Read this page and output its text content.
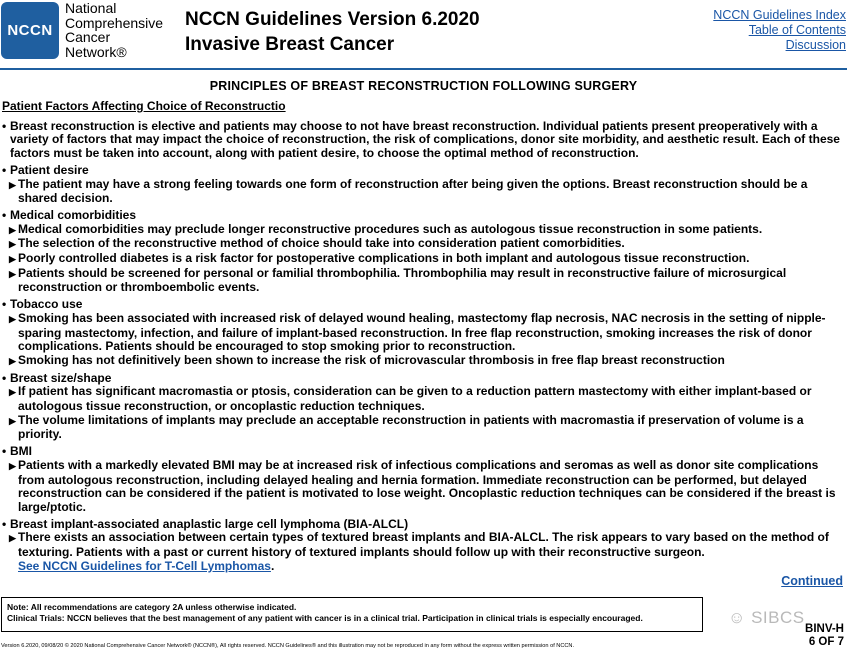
NCCN
National
Comprehensive
Cancer
Network®
NCCN Guidelines Version 6.2020
Invasive Breast Cancer
NCCN Guidelines Index
Table of Contents
Discussion
PRINCIPLES OF BREAST RECONSTRUCTION FOLLOWING SURGERY
Patient Factors Affecting Choice of Reconstructio
• Breast reconstruction is elective and patients may choose to not have breast reconstruction. Individual patients present preoperatively with a variety of factors that may impact the choice of reconstruction, the risk of complications, donor site morbidity, and aesthetic result. Each of these factors must be taken into account, along with patient desire, to choose the optimal method of reconstruction.
• Patient desire
▶ The patient may have a strong feeling towards one form of reconstruction after being given the options. Breast reconstruction should be a shared decision.
• Medical comorbidities
▶ Medical comorbidities may preclude longer reconstructive procedures such as autologous tissue reconstruction in some patients.
▶ The selection of the reconstructive method of choice should take into consideration patient comorbidities.
▶ Poorly controlled diabetes is a risk factor for postoperative complications in both implant and autologous tissue reconstruction.
▶ Patients should be screened for personal or familial thrombophilia. Thrombophilia may result in reconstructive failure of microsurgical reconstruction or thromboembolic events.
• Tobacco use
▶ Smoking has been associated with increased risk of delayed wound healing, mastectomy flap necrosis, NAC necrosis in the setting of nipple-sparing mastectomy, infection, and failure of implant-based reconstruction. In free flap reconstruction, smoking increases the risk of donor complications. Patients should be encouraged to stop smoking prior to reconstruction.
▶ Smoking has not definitively been shown to increase the risk of microvascular thrombosis in free flap breast reconstruction
• Breast size/shape
▶ If patient has significant macromastia or ptosis, consideration can be given to a reduction pattern mastectomy with either implant-based or autologous tissue reconstruction, or oncoplastic reduction techniques.
▶ The volume limitations of implants may preclude an acceptable reconstruction in patients with macromastia if preservation of volume is a priority.
• BMI
▶ Patients with a markedly elevated BMI may be at increased risk of infectious complications and seromas as well as donor site complications from autologous reconstruction, including delayed healing and hernia formation. Immediate reconstruction can be performed, but delayed reconstruction can be considered if the patient is motivated to lose weight. Oncoplastic reduction techniques can be considered if the breast is large/ptotic.
• Breast implant-associated anaplastic large cell lymphoma (BIA-ALCL)
▶ There exists an association between certain types of textured breast implants and BIA-ALCL. The risk appears to vary based on the method of texturing. Patients with a past or current history of textured implants should follow up with their reconstructive surgeon.
See NCCN Guidelines for T-Cell Lymphomas.
Continued
Note: All recommendations are category 2A unless otherwise indicated.
Clinical Trials: NCCN believes that the best management of any patient with cancer is in a clinical trial. Participation in clinical trials is especially encouraged.	☺ SIBCS
BINV-H
6 OF 7
Version 6.2020, 09/08/20 © 2020 National Comprehensive Cancer Network® (NCCN®), All rights reserved. NCCN Guidelines® and this illustration may not be reproduced in any form without the express written permission of NCCN.
